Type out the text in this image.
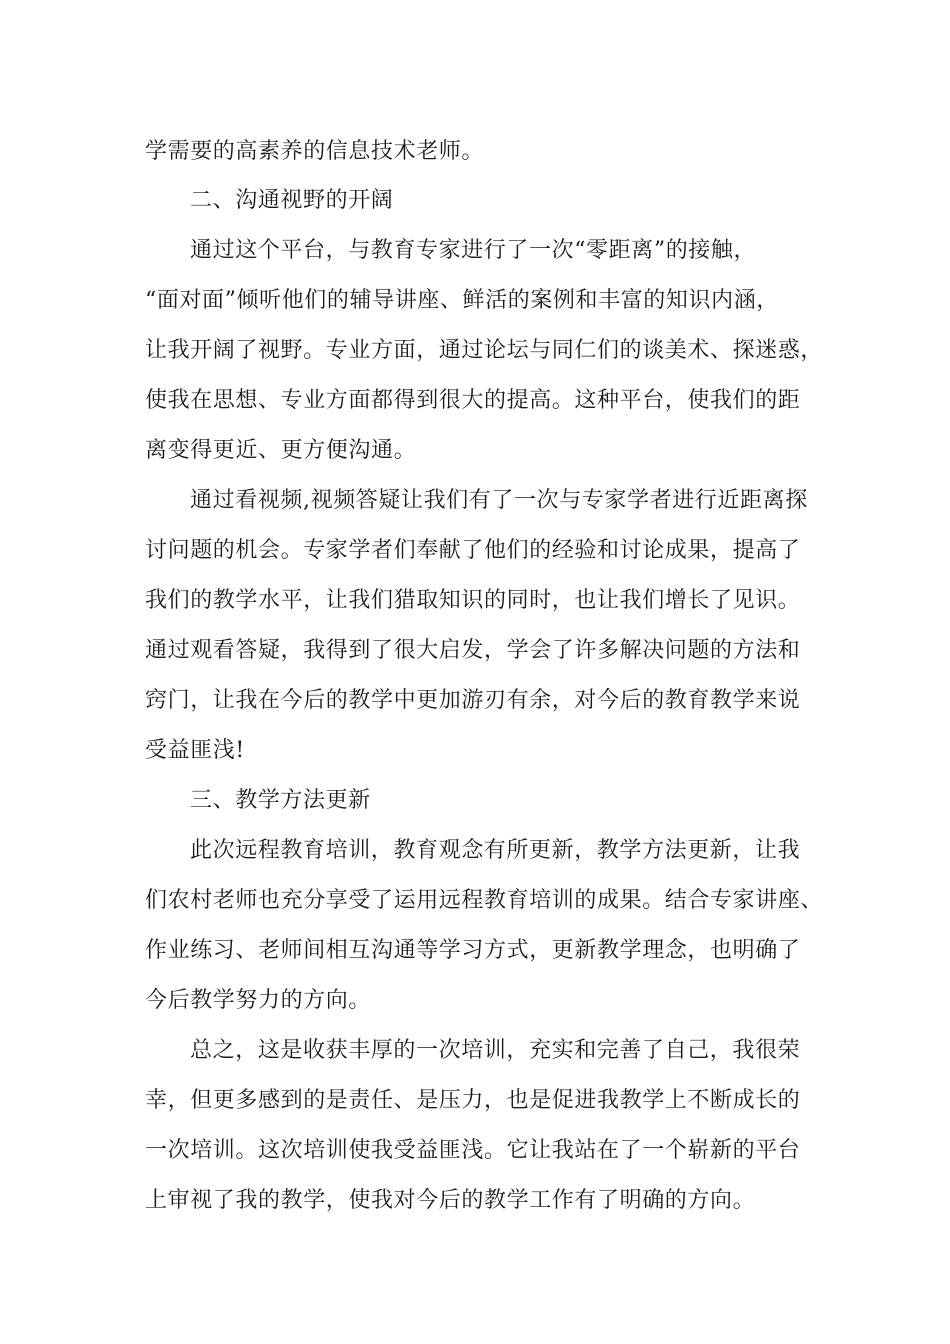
学需要的高素养的信息技术老师。
二、沟通视野的开阔
通过这个平台，与教育专家进行了一次“零距离”的接触，
“面对面”倾听他们的辅导讲座、鲜活的案例和丰富的知识内涵，
让我开阔了视野。专业方面，通过论坛与同仁们的谈美术、探迷惑，
使我在思想、专业方面都得到很大的提高。这种平台，使我们的距
离变得更近、更方便沟通。
通过看视频,视频答疑让我们有了一次与专家学者进行近距离探
讨问题的机会。专家学者们奉献了他们的经验和讨论成果，提高了
我们的教学水平，让我们猎取知识的同时，也让我们增长了见识。
通过观看答疑，我得到了很大启发，学会了许多解决问题的方法和
窍门，让我在今后的教学中更加游刃有余，对今后的教育教学来说
受益匪浅!
三、教学方法更新
此次远程教育培训，教育观念有所更新，教学方法更新，让我
们农村老师也充分享受了运用远程教育培训的成果。结合专家讲座、
作业练习、老师间相互沟通等学习方式，更新教学理念，也明确了
今后教学努力的方向。
总之，这是收获丰厚的一次培训，充实和完善了自己，我很荣
幸，但更多感到的是责任、是压力，也是促进我教学上不断成长的
一次培训。这次培训使我受益匪浅。它让我站在了一个崭新的平台
上审视了我的教学，使我对今后的教学工作有了明确的方向。
